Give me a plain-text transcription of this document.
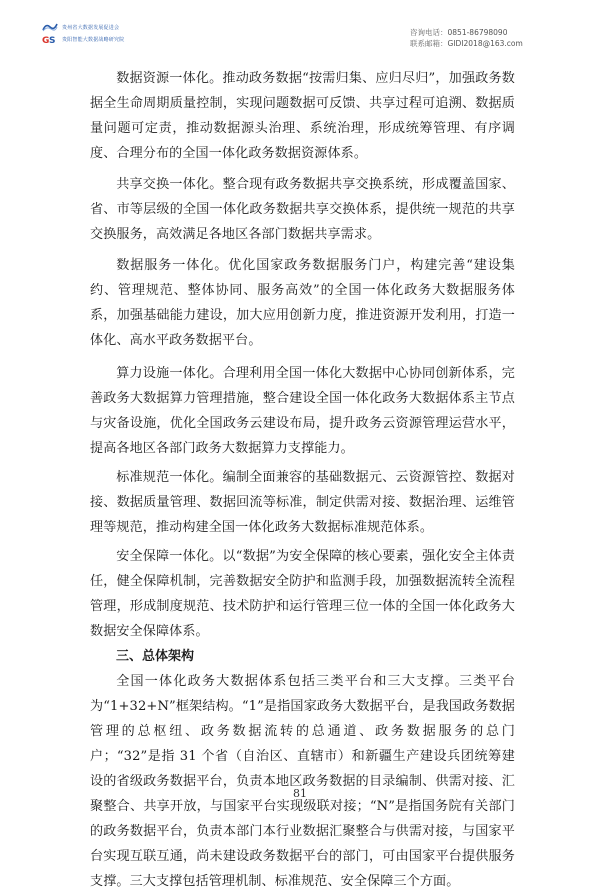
贵州省大数据发展促进会
G S 贵阳智能大数据战略研究院
咨询电话：0851-86798090
联系邮箱：GIDI2018@163.com

数据资源一体化。推动政务数据“按需归集、应归尽归”，加强政务数据全生命周期质量控制，实现问题数据可反馈、共享过程可追溯、数据质量问题可定责，推动数据源头治理、系统治理，形成统筹管理、有序调度、合理分布的全国一体化政务数据资源体系。

共享交换一体化。整合现有政务数据共享交换系统，形成覆盖国家、省、市等层级的全国一体化政务数据共享交换体系，提供统一规范的共享交换服务，高效满足各地区各部门数据共享需求。

数据服务一体化。优化国家政务数据服务门户，构建完善“建设集约、管理规范、整体协同、服务高效”的全国一体化政务大数据服务体系，加强基础能力建设，加大应用创新力度，推进资源开发利用，打造一体化、高水平政务数据平台。

算力设施一体化。合理利用全国一体化大数据中心协同创新体系，完善政务大数据算力管理措施，整合建设全国一体化政务大数据体系主节点与灾备设施，优化全国政务云建设布局，提升政务云资源管理运营水平，提高各地区各部门政务大数据算力支撑能力。

标准规范一体化。编制全面兼容的基础数据元、云资源管控、数据对接、数据质量管理、数据回流等标准，制定供需对接、数据治理、运维管理等规范，推动构建全国一体化政务大数据标准规范体系。

安全保障一体化。以“数据”为安全保障的核心要素，强化安全主体责任，健全保障机制，完善数据安全防护和监测手段，加强数据流转全流程管理，形成制度规范、技术防护和运行管理三位一体的全国一体化政务大数据安全保障体系。

三、总体架构

全国一体化政务大数据体系包括三类平台和三大支撑。三类平台为“1+32+N”框架结构。“1”是指国家政务大数据平台，是我国政务数据管理的总枢纽、政务数据流转的总通道、政务数据服务的总门户；“32”是指 31 个省（自治区、直辖市）和新疆生产建设兵团统筹建设的省级政务数据平台，负责本地区政务数据的目录编制、供需对接、汇聚整合、共享开放，与国家平台实现级联对接；“N”是指国务院有关部门的政务数据平台，负责本部门本行业数据汇聚整合与供需对接，与国家平台实现互联互通，尚未建设政务数据平台的部门，可由国家平台提供服务支撑。三大支撑包括管理机制、标准规范、安全保障三个方面。

81
